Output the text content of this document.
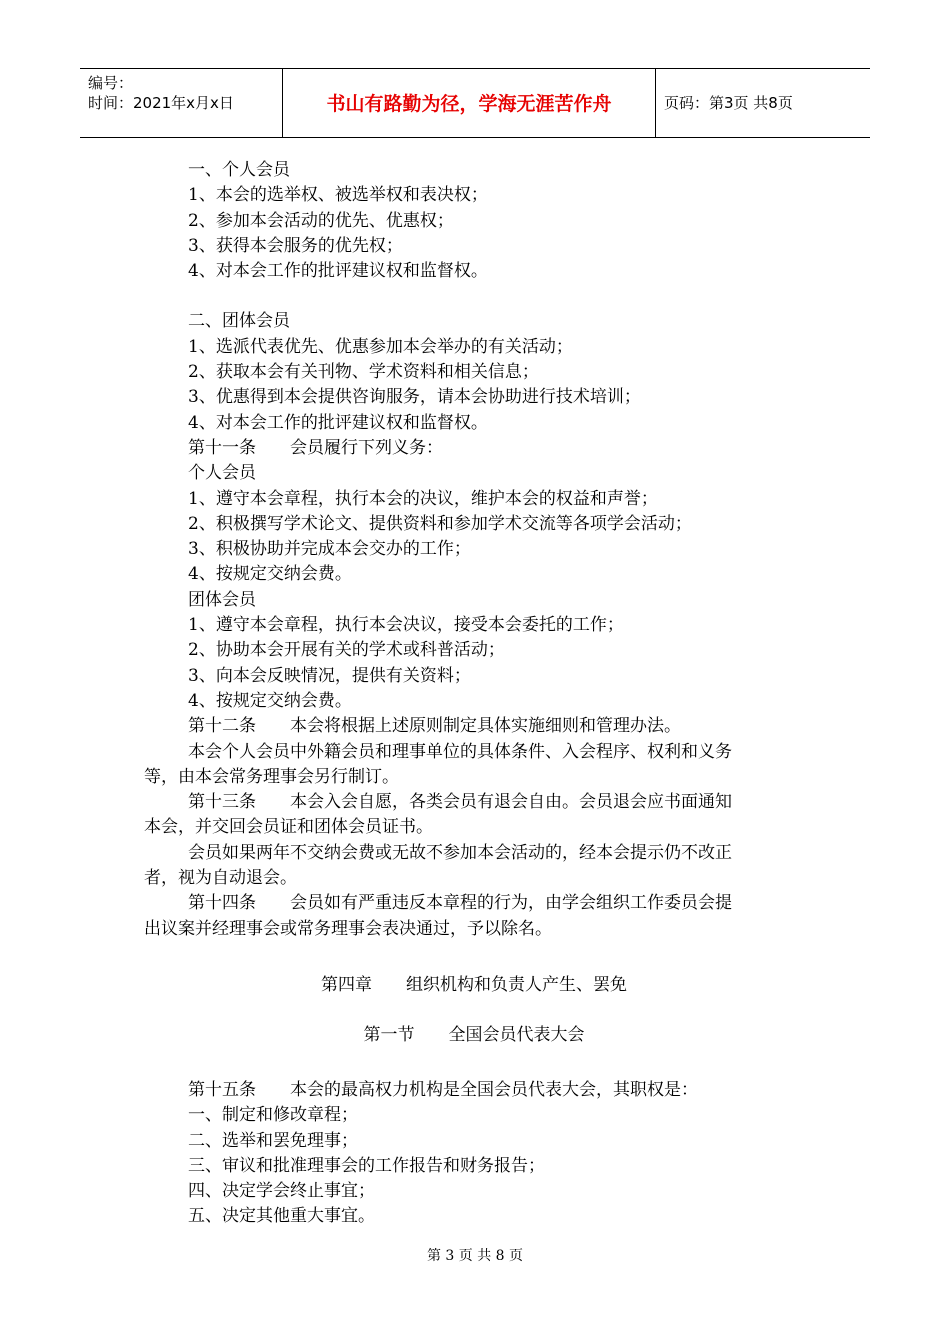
编号：
时间：2021年x月x日	书山有路勤为径，学海无涯苦作舟	页码：第3页 共8页
一、个人会员
1、本会的选举权、被选举权和表决权；
2、参加本会活动的优先、优惠权；
3、获得本会服务的优先权；
4、对本会工作的批评建议权和监督权。
二、团体会员
1、选派代表优先、优惠参加本会举办的有关活动；
2、获取本会有关刊物、学术资料和相关信息；
3、优惠得到本会提供咨询服务，请本会协助进行技术培训；
4、对本会工作的批评建议权和监督权。
第十一条 会员履行下列义务：
个人会员
1、遵守本会章程，执行本会的决议，维护本会的权益和声誉；
2、积极撰写学术论文、提供资料和参加学术交流等各项学会活动；
3、积极协助并完成本会交办的工作；
4、按规定交纳会费。
团体会员
1、遵守本会章程，执行本会决议，接受本会委托的工作；
2、协助本会开展有关的学术或科普活动；
3、向本会反映情况，提供有关资料；
4、按规定交纳会费。
第十二条 本会将根据上述原则制定具体实施细则和管理办法。
本会个人会员中外籍会员和理事单位的具体条件、入会程序、权利和义务
等，由本会常务理事会另行制订。
第十三条 本会入会自愿，各类会员有退会自由。会员退会应书面通知
本会，并交回会员证和团体会员证书。
会员如果两年不交纳会费或无故不参加本会活动的，经本会提示仍不改正
者，视为自动退会。
第十四条 会员如有严重违反本章程的行为，由学会组织工作委员会提
出议案并经理事会或常务理事会表决通过，予以除名。
第四章 组织机构和负责人产生、罢免
第一节 全国会员代表大会
第十五条 本会的最高权力机构是全国会员代表大会，其职权是：
一、制定和修改章程；
二、选举和罢免理事；
三、审议和批准理事会的工作报告和财务报告；
四、决定学会终止事宜；
五、决定其他重大事宜。
第 3 页 共 8 页
